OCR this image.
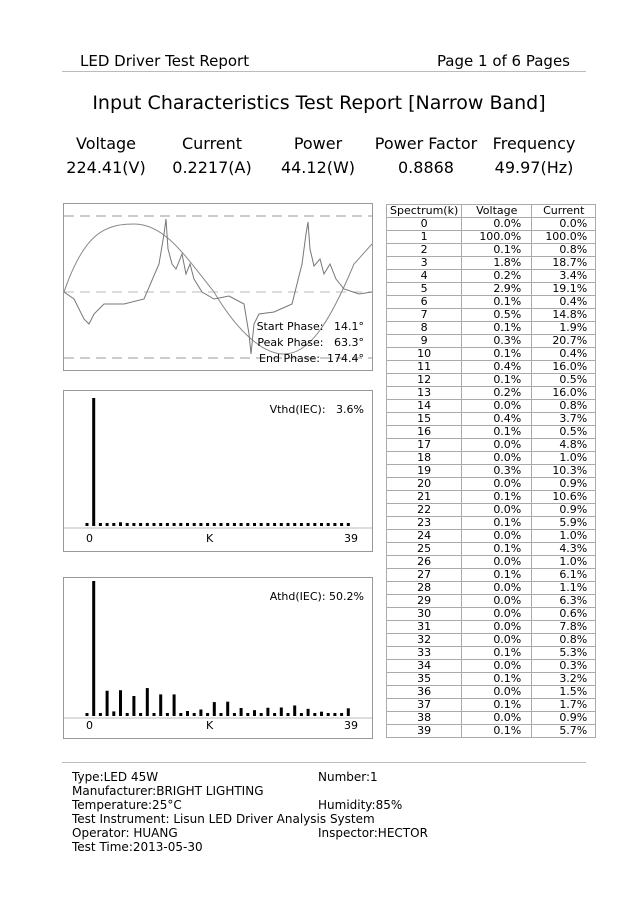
LED Driver Test Report	Page 1 of 6 Pages
Input Characteristics Test Report [Narrow Band]
Voltage
224.41(V)
Current
0.2217(A)
Power
44.12(W)
Power Factor
0.8868
Frequency
49.97(Hz)
Start Phase: 14.1°
Peak Phase: 63.3°
End Phase: 174.4°
Vthd(IEC): 3.6%
0	K	39
Athd(IEC): 50.2%
0	K	39
Spectrum(k)	Voltage	Current
0	0.0%	0.0%
1	100.0%	100.0%
2	0.1%	0.8%
3	1.8%	18.7%
4	0.2%	3.4%
5	2.9%	19.1%
6	0.1%	0.4%
7	0.5%	14.8%
8	0.1%	1.9%
9	0.3%	20.7%
10	0.1%	0.4%
11	0.4%	16.0%
12	0.1%	0.5%
13	0.2%	16.0%
14	0.0%	0.8%
15	0.4%	3.7%
16	0.1%	0.5%
17	0.0%	4.8%
18	0.0%	1.0%
19	0.3%	10.3%
20	0.0%	0.9%
21	0.1%	10.6%
22	0.0%	0.9%
23	0.1%	5.9%
24	0.0%	1.0%
25	0.1%	4.3%
26	0.0%	1.0%
27	0.1%	6.1%
28	0.0%	1.1%
29	0.0%	6.3%
30	0.0%	0.6%
31	0.0%	7.8%
32	0.0%	0.8%
33	0.1%	5.3%
34	0.0%	0.3%
35	0.1%	3.2%
36	0.0%	1.5%
37	0.1%	1.7%
38	0.0%	0.9%
39	0.1%	5.7%
Type:LED 45W	Number:1
Manufacturer:BRIGHT LIGHTING
Temperature:25°C	Humidity:85%
Test Instrument: Lisun LED Driver Analysis System
Operator: HUANG	Inspector:HECTOR
Test Time:2013-05-30
